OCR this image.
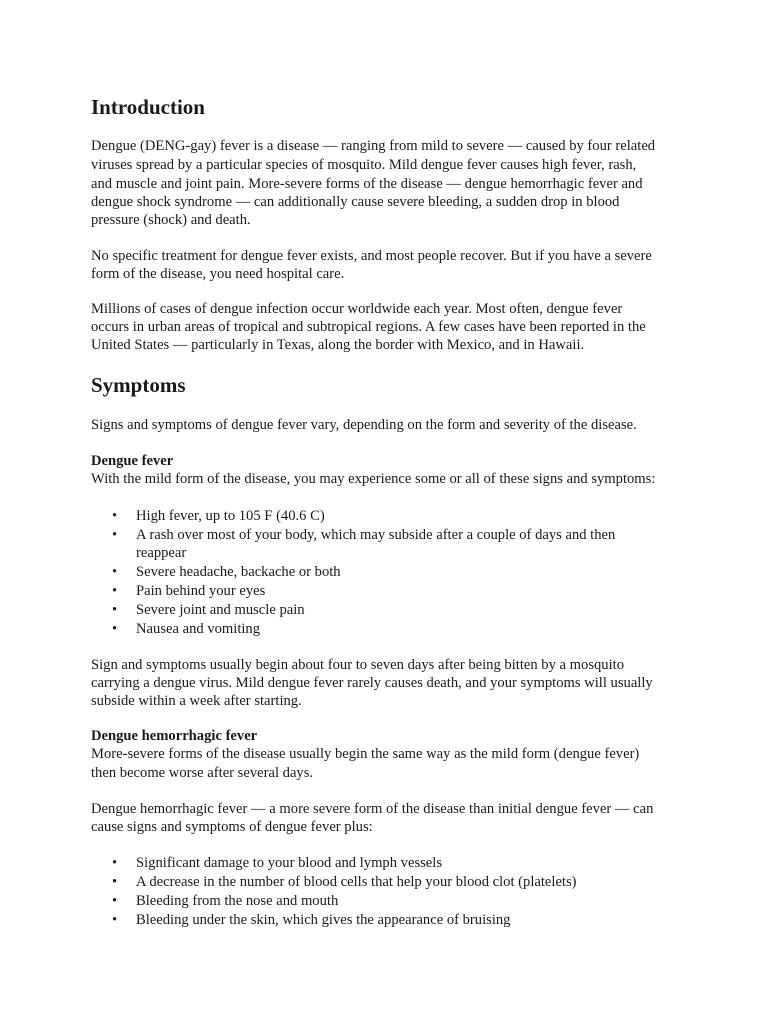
Introduction
Dengue (DENG-gay) fever is a disease — ranging from mild to severe — caused by four related
viruses spread by a particular species of mosquito. Mild dengue fever causes high fever, rash,
and muscle and joint pain. More-severe forms of the disease — dengue hemorrhagic fever and
dengue shock syndrome — can additionally cause severe bleeding, a sudden drop in blood
pressure (shock) and death.
No specific treatment for dengue fever exists, and most people recover. But if you have a severe
form of the disease, you need hospital care.
Millions of cases of dengue infection occur worldwide each year. Most often, dengue fever
occurs in urban areas of tropical and subtropical regions. A few cases have been reported in the
United States — particularly in Texas, along the border with Mexico, and in Hawaii.
Symptoms
Signs and symptoms of dengue fever vary, depending on the form and severity of the disease.
Dengue fever
With the mild form of the disease, you may experience some or all of these signs and symptoms:
• High fever, up to 105 F (40.6 C)
• A rash over most of your body, which may subside after a couple of days and then
reappear
• Severe headache, backache or both
• Pain behind your eyes
• Severe joint and muscle pain
• Nausea and vomiting
Sign and symptoms usually begin about four to seven days after being bitten by a mosquito
carrying a dengue virus. Mild dengue fever rarely causes death, and your symptoms will usually
subside within a week after starting.
Dengue hemorrhagic fever
More-severe forms of the disease usually begin the same way as the mild form (dengue fever)
then become worse after several days.
Dengue hemorrhagic fever — a more severe form of the disease than initial dengue fever — can
cause signs and symptoms of dengue fever plus:
• Significant damage to your blood and lymph vessels
• A decrease in the number of blood cells that help your blood clot (platelets)
• Bleeding from the nose and mouth
• Bleeding under the skin, which gives the appearance of bruising
